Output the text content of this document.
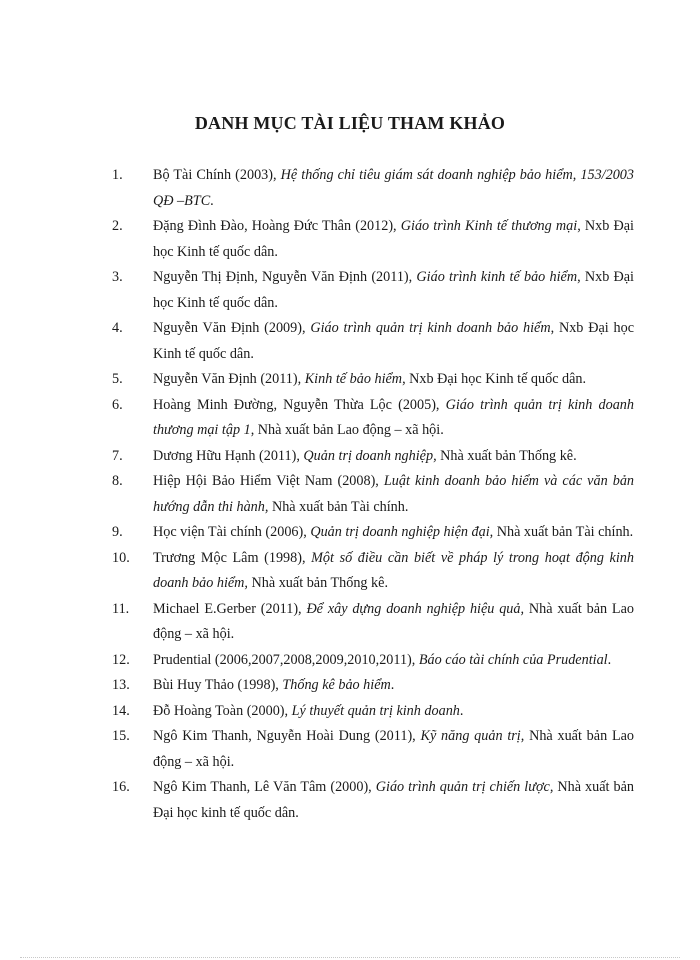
DANH MỤC TÀI LIỆU THAM KHẢO
1.	Bộ Tài Chính (2003), Hệ thống chỉ tiêu giám sát doanh nghiệp bảo hiểm, 153/2003 QĐ –BTC.
2.	Đặng Đình Đào, Hoàng Đức Thân (2012), Giáo trình Kinh tế thương mại, Nxb Đại học Kinh tế quốc dân.
3.	Nguyễn Thị Định, Nguyễn Văn Định (2011), Giáo trình kinh tế bảo hiểm, Nxb Đại học Kinh tế quốc dân.
4.	Nguyễn Văn Định (2009), Giáo trình quản trị kinh doanh bảo hiểm, Nxb Đại học Kinh tế quốc dân.
5.	Nguyễn Văn Định (2011), Kinh tế bảo hiểm, Nxb Đại học Kinh tế quốc dân.
6.	Hoàng Minh Đường, Nguyễn Thừa Lộc (2005), Giáo trình quản trị kinh doanh thương mại tập 1, Nhà xuất bản Lao động – xã hội.
7.	Dương Hữu Hạnh (2011), Quản trị doanh nghiệp, Nhà xuất bản Thống kê.
8.	Hiệp Hội Bảo Hiểm Việt Nam (2008), Luật kinh doanh bảo hiểm và các văn bản hướng dẫn thi hành, Nhà xuất bản Tài chính.
9.	Học viện Tài chính (2006), Quản trị doanh nghiệp hiện đại, Nhà xuất bản Tài chính.
10.	Trương Mộc Lâm (1998), Một số điều cần biết về pháp lý trong hoạt động kinh doanh bảo hiểm, Nhà xuất bản Thống kê.
11.	Michael E.Gerber (2011), Để xây dựng doanh nghiệp hiệu quả, Nhà xuất bản Lao động – xã hội.
12.	Prudential (2006,2007,2008,2009,2010,2011), Báo cáo tài chính của Prudential.
13.	Bùi Huy Thảo (1998), Thống kê bảo hiểm.
14.	Đỗ Hoàng Toàn (2000), Lý thuyết quản trị kinh doanh.
15.	Ngô Kim Thanh, Nguyễn Hoài Dung (2011), Kỹ năng quản trị, Nhà xuất bản Lao động – xã hội.
16.	Ngô Kim Thanh, Lê Văn Tâm (2000), Giáo trình quản trị chiến lược, Nhà xuất bản Đại học kinh tế quốc dân.
